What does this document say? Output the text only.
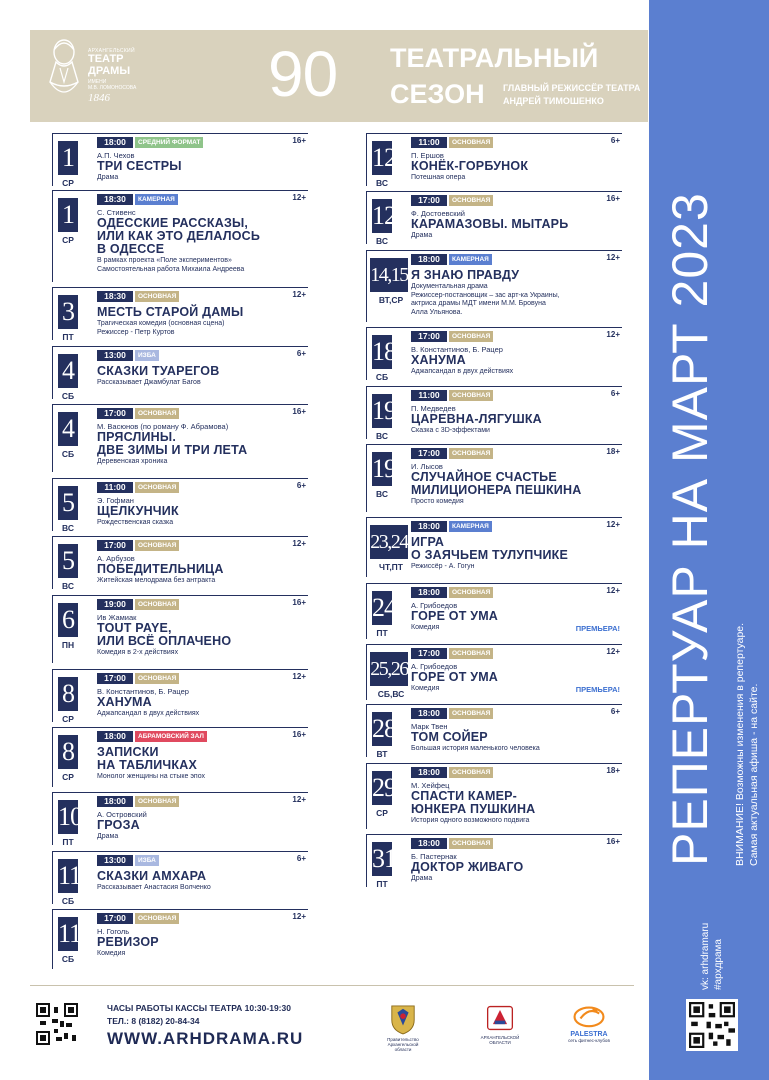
АРХАНГЕЛЬСКИЙ
ТЕАТР
ДРАМЫ
ИМЕНИ
М.В. ЛОМОНОСОВА
1846 90 ТЕАТРАЛЬНЫЙ
СЕЗОН ГЛАВНЫЙ РЕЖИССЁР ТЕАТРА
АНДРЕЙ ТИМОШЕНКО
РЕПЕРТУАР НА МАРТ 2023 ВНИМАНИЕ! Возможны изменения в репертуаре. Самая актуальная афиша - на сайте.
vk: arhdramaru #архдрама
1
СР
18:00	СРЕДНИЙ ФОРМАТ	16+
А.П. Чехов
ТРИ СЕСТРЫ
Драма
1
СР
18:30	КАМЕРНАЯ	12+
С. Стивенс
ОДЕССКИЕ РАССКАЗЫ,
ИЛИ КАК ЭТО ДЕЛАЛОСЬ
В ОДЕССЕ
В рамках проекта «Поле экспериментов»
Самостоятельная работа Михаила Андреева
3
ПТ
18:30	ОСНОВНАЯ	12+
МЕСТЬ СТАРОЙ ДАМЫ
Трагическая комедия (основная сцена)
Режиссер - Петр Куртов
4
СБ
13:00	ИЗБА	6+
СКАЗКИ ТУАРЕГОВ
Рассказывает Джамбулат Багов
4
СБ
17:00	ОСНОВНАЯ	16+
М. Васюнов (по роману Ф. Абрамова)
ПРЯСЛИНЫ.
ДВЕ ЗИМЫ И ТРИ ЛЕТА
Деревенская хроника
5
ВС
11:00	ОСНОВНАЯ	6+
Э. Гофман
ЩЕЛКУНЧИК
Рождественская сказка
5
ВС
17:00	ОСНОВНАЯ	12+
А. Арбузов
ПОБЕДИТЕЛЬНИЦА
Житейская мелодрама без антракта
6
ПН
19:00	ОСНОВНАЯ	16+
Ив Жамиак
TOUT PAYE,
ИЛИ ВСЁ ОПЛАЧЕНО
Комедия в 2-х действиях
8
СР
17:00	ОСНОВНАЯ	12+
В. Константинов, Б. Рацер
ХАНУМА
Аджапсандал в двух действиях
8
СР
18:00	АБРАМОВСКИЙ ЗАЛ	16+
ЗАПИСКИ
НА ТАБЛИЧКАХ
Монолог женщины на стыке эпох
10
ПТ
18:00	ОСНОВНАЯ	12+
А. Островский
ГРОЗА
Драма
11
СБ
13:00	ИЗБА	6+
СКАЗКИ АМХАРА
Рассказывает Анастасия Волченко
11
СБ
17:00	ОСНОВНАЯ	12+
Н. Гоголь
РЕВИЗОР
Комедия
12
ВС
11:00	ОСНОВНАЯ	6+
П. Ершов
КОНЁК-ГОРБУНОК
Потешная опера
12
ВС
17:00	ОСНОВНАЯ	16+
Ф. Достоевский
КАРАМАЗОВЫ. МЫТАРЬ
Драма
14,15
ВТ,СР
18:00	КАМЕРНАЯ	12+
Я ЗНАЮ ПРАВДУ
Документальная драма
Режиссер-постановщик – зас арт-ка Украины,
актриса драмы МДТ имени М.М. Бровуна
Алла Ульянова.
18
СБ
17:00	ОСНОВНАЯ	12+
В. Константинов, Б. Рацер
ХАНУМА
Аджапсандал в двух действиях
19
ВС
11:00	ОСНОВНАЯ	6+
П. Медведев
ЦАРЕВНА-ЛЯГУШКА
Сказка с 3D-эффектами
19
ВС
17:00	ОСНОВНАЯ	18+
И. Лысов
СЛУЧАЙНОЕ СЧАСТЬЕ
МИЛИЦИОНЕРА ПЕШКИНА
Просто комедия
23,24
ЧТ,ПТ
18:00	КАМЕРНАЯ	12+
ИГРА
О ЗАЯЧЬЕМ ТУЛУПЧИКЕ
Режиссёр - А. Гогун
24
ПТ
18:00	ОСНОВНАЯ	12+
А. Грибоедов
ГОРЕ ОТ УМА
Комедия	ПРЕМЬЕРА!
25,26
СБ,ВС
17:00	ОСНОВНАЯ	12+
А. Грибоедов
ГОРЕ ОТ УМА
Комедия	ПРЕМЬЕРА!
28
ВТ
18:00	ОСНОВНАЯ	6+
Марк Твен
ТОМ СОЙЕР
Большая история маленького человека
29
СР
18:00	ОСНОВНАЯ	18+
М. Хейфец
СПАСТИ КАМЕР-
ЮНКЕРА ПУШКИНА
История одного возможного подвига
31
ПТ
18:00	ОСНОВНАЯ	16+
Б. Пастернак
ДОКТОР ЖИВАГО
Драма
ЧАСЫ РАБОТЫ КАССЫ ТЕАТРА 10:30-19:30
ТЕЛ.: 8 (8182) 20-84-34
WWW.ARHDRAMA.RU	Правительство Архангельской области
АРХАНГЕЛЬСКОЙ ОБЛАСТИ
PALESTRA
сеть фитнес-клубов
